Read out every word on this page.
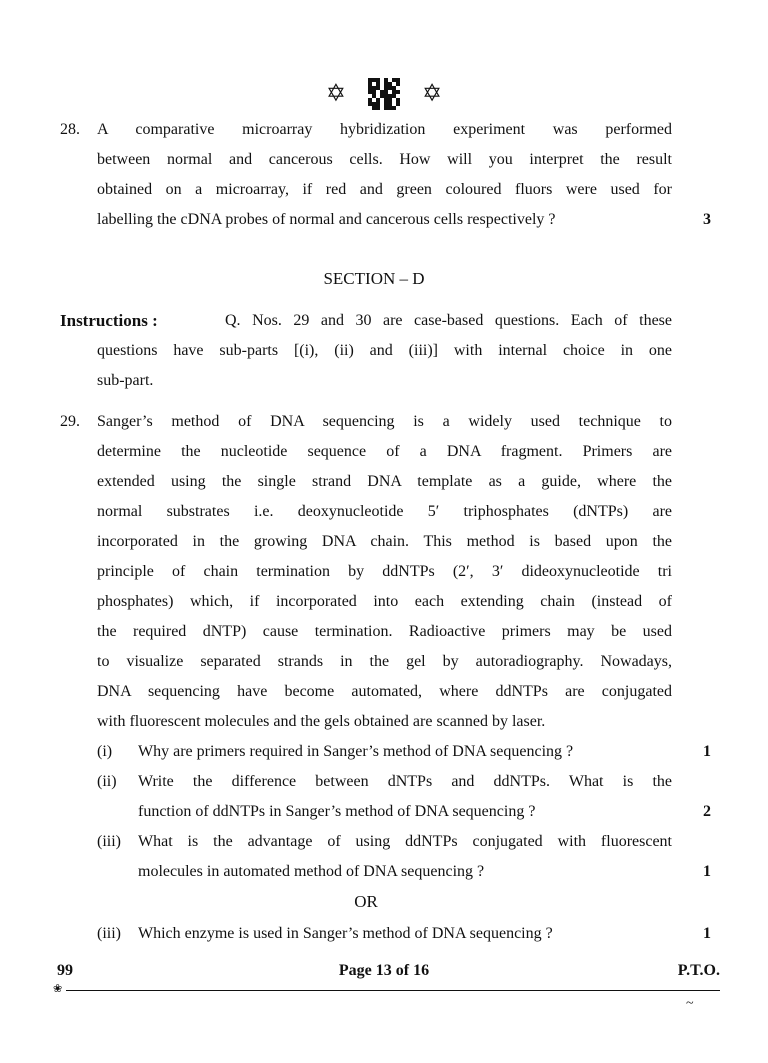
✡	✡
28. A comparative microarray hybridization experiment was performed
between normal and cancerous cells. How will you interpret the result
obtained on a microarray, if red and green coloured fluors were used for
labelling the cDNA probes of normal and cancerous cells respectively ?	3
SECTION – D
Instructions :	Q. Nos. 29 and 30 are case-based questions. Each of these
questions have sub-parts [(i), (ii) and (iii)] with internal choice in one
sub-part.
29. Sanger’s method of DNA sequencing is a widely used technique to
determine the nucleotide sequence of a DNA fragment. Primers are
extended using the single strand DNA template as a guide, where the
normal substrates i.e. deoxynucleotide 5′ triphosphates (dNTPs) are
incorporated in the growing DNA chain. This method is based upon the
principle of chain termination by ddNTPs (2′, 3′ dideoxynucleotide tri
phosphates) which, if incorporated into each extending chain (instead of
the required dNTP) cause termination. Radioactive primers may be used
to visualize separated strands in the gel by autoradiography. Nowadays,
DNA sequencing have become automated, where ddNTPs are conjugated
with fluorescent molecules and the gels obtained are scanned by laser.
(i) Why are primers required in Sanger’s method of DNA sequencing ?	1
(ii) Write the difference between dNTPs and ddNTPs. What is the
function of ddNTPs in Sanger’s method of DNA sequencing ?	2
(iii) What is the advantage of using ddNTPs conjugated with fluorescent
molecules in automated method of DNA sequencing ?	1
(iii) Which enzyme is used in Sanger’s method of DNA sequencing ?	1
OR
99	Page 13 of 16	P.T.O.
❀
~
